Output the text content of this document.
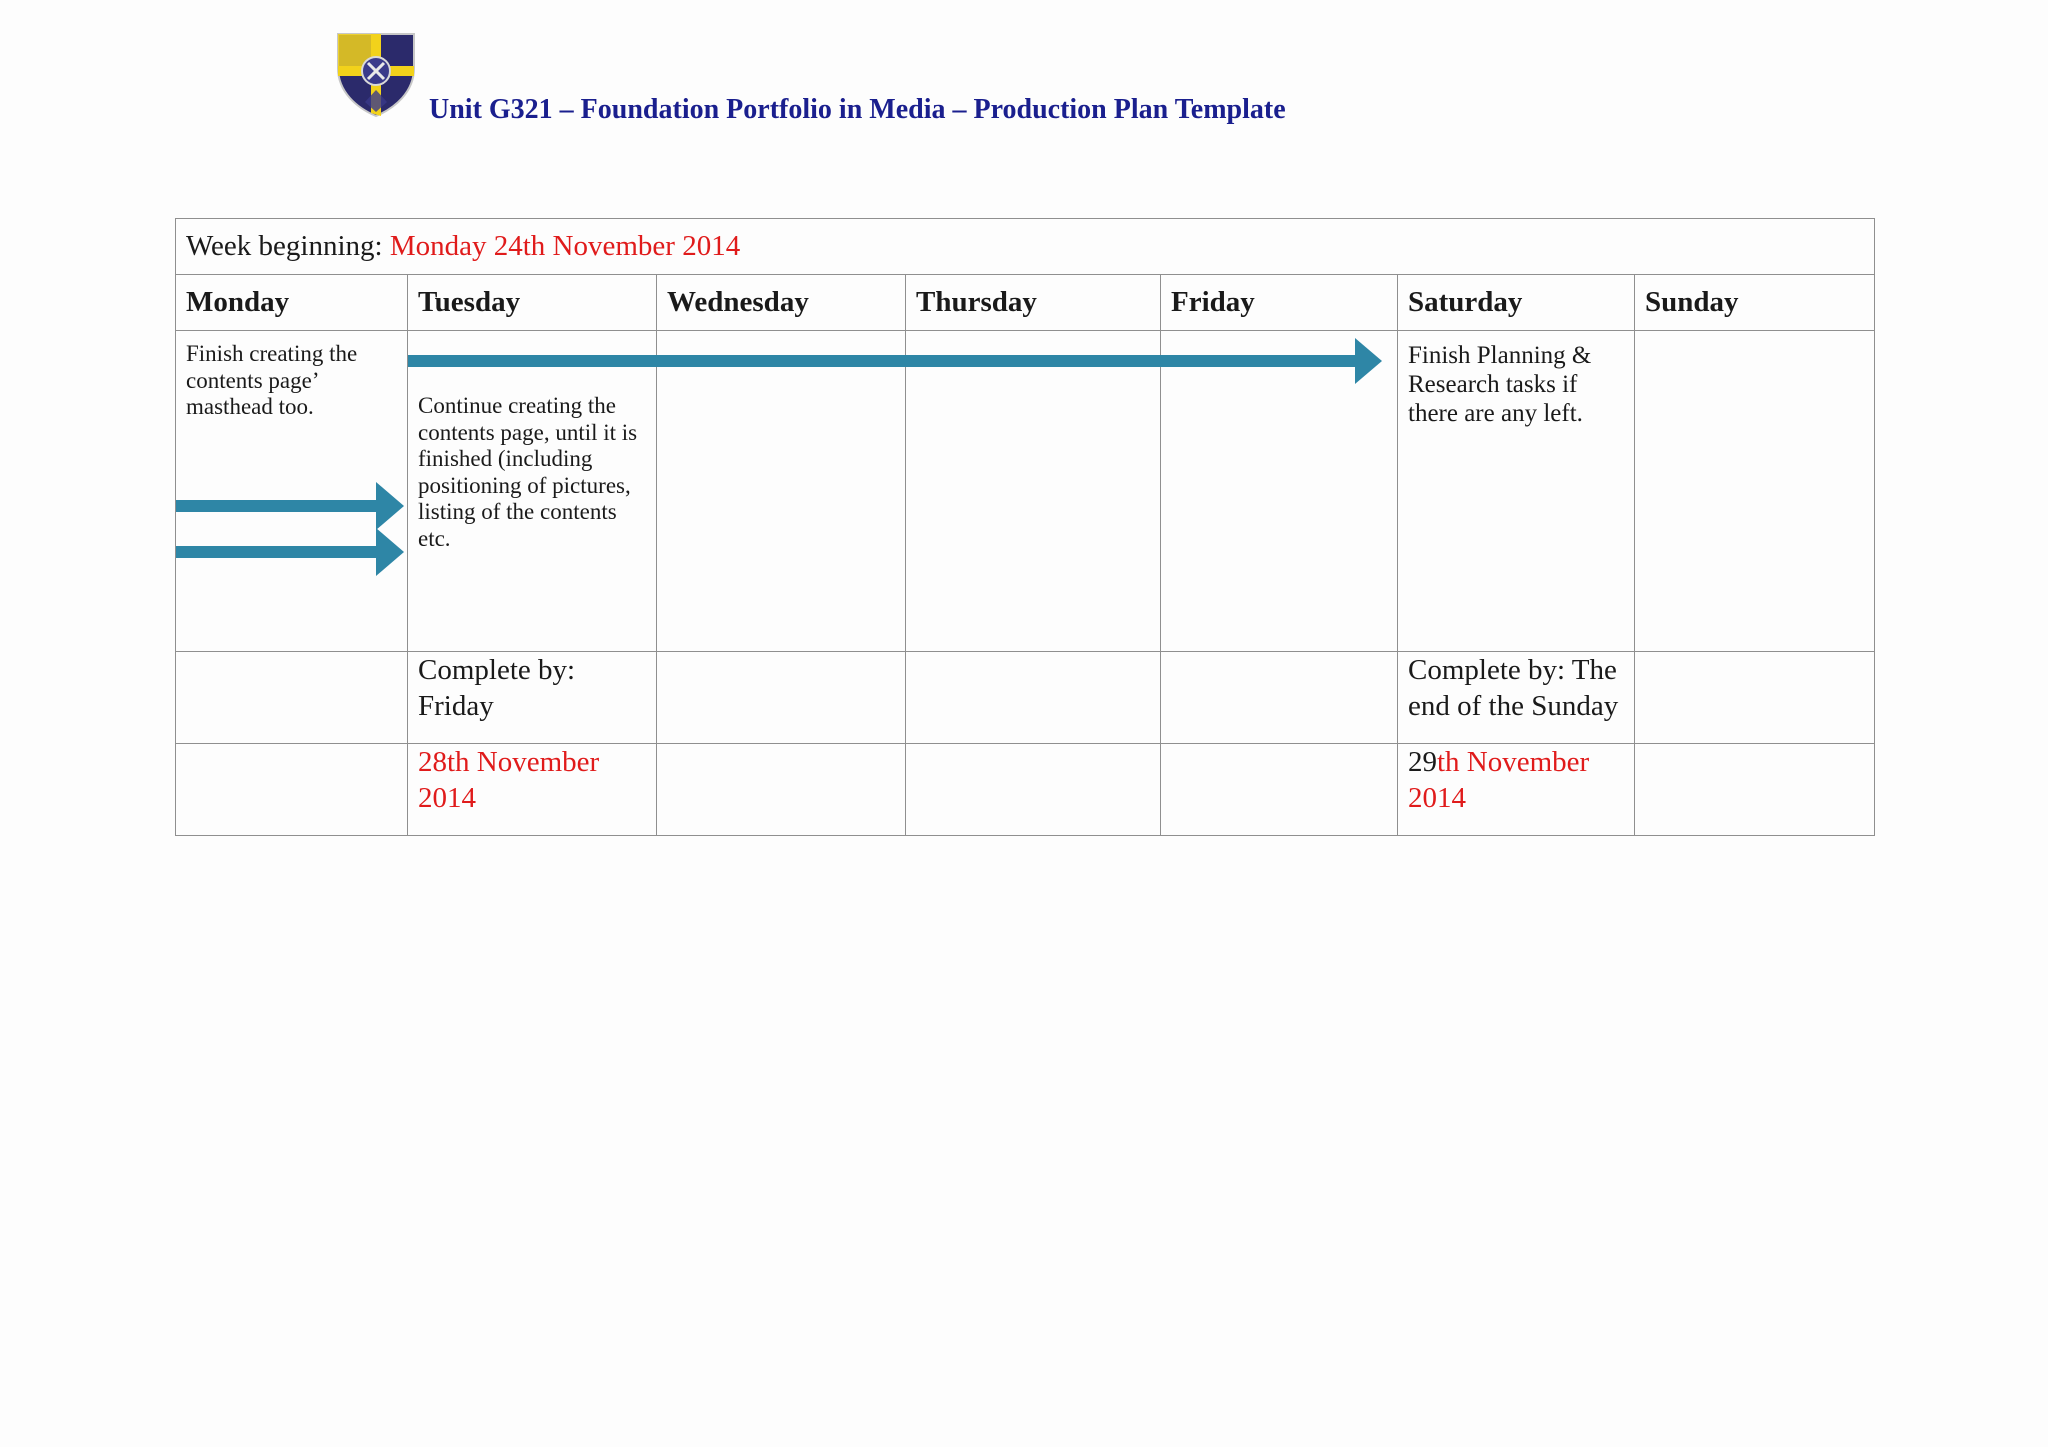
Unit G321 – Foundation Portfolio in Media – Production Plan Template
Week beginning: Monday 24th November 2014						
Monday	Tuesday	Wednesday	Thursday	Friday	Saturday	Sunday

Finish creating the contents page’ masthead too.	Continue creating the contents page, until it is finished (including positioning of pictures, listing of the contents etc.				Finish Planning & Research tasks if there are any left.	

	Complete by: Friday				Complete by: The end of the Sunday	
	28th November 2014				29th November 2014	
